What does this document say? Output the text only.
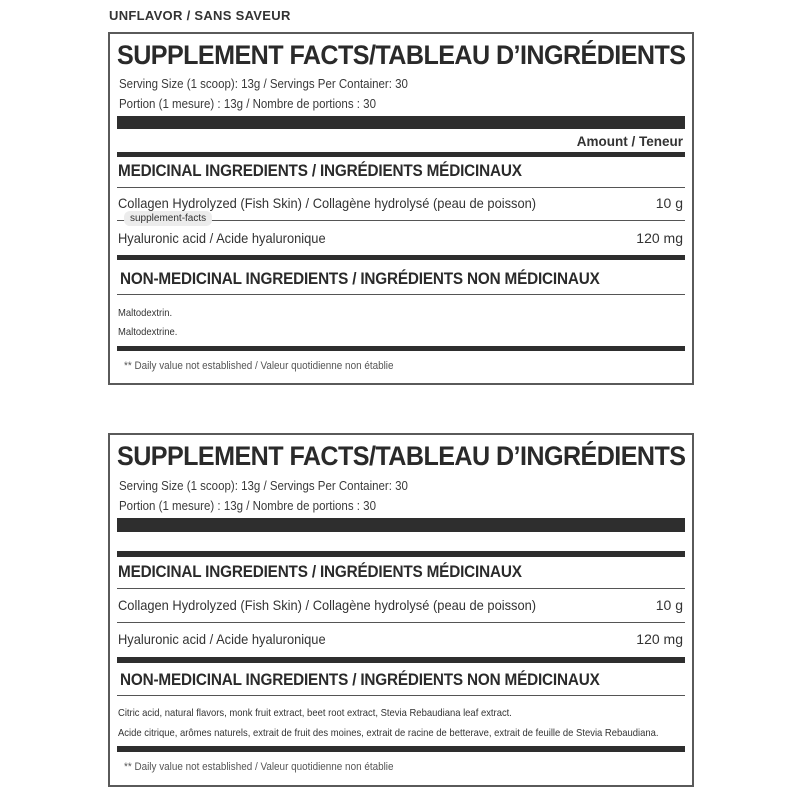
UNFLAVOR / SANS SAVEUR
SUPPLEMENT FACTS/TABLEAU D’INGRÉDIENTS
Serving Size (1 scoop): 13g / Servings Per Container: 30
Portion (1 mesure) : 13g / Nombre de portions : 30
Amount / Teneur
MEDICINAL INGREDIENTS / INGRÉDIENTS MÉDICINAUX
Collagen Hydrolyzed (Fish Skin) / Collagène hydrolysé (peau de poisson)	10 g
Hyaluronic acid / Acide hyaluronique	120 mg
NON-MEDICINAL INGREDIENTS / INGRÉDIENTS NON MÉDICINAUX
Maltodextrin.
Maltodextrine.
** Daily value not established / Valeur quotidienne non établie
supplement-facts
SUPPLEMENT FACTS/TABLEAU D’INGRÉDIENTS
Serving Size (1 scoop): 13g / Servings Per Container: 30
Portion (1 mesure) : 13g / Nombre de portions : 30
MEDICINAL INGREDIENTS / INGRÉDIENTS MÉDICINAUX
Collagen Hydrolyzed (Fish Skin) / Collagène hydrolysé (peau de poisson)	10 g
Hyaluronic acid / Acide hyaluronique	120 mg
NON-MEDICINAL INGREDIENTS / INGRÉDIENTS NON MÉDICINAUX
Citric acid, natural flavors, monk fruit extract, beet root extract, Stevia Rebaudiana leaf extract.
Acide citrique, arômes naturels, extrait de fruit des moines, extrait de racine de betterave, extrait de feuille de Stevia Rebaudiana.
** Daily value not established / Valeur quotidienne non établie
